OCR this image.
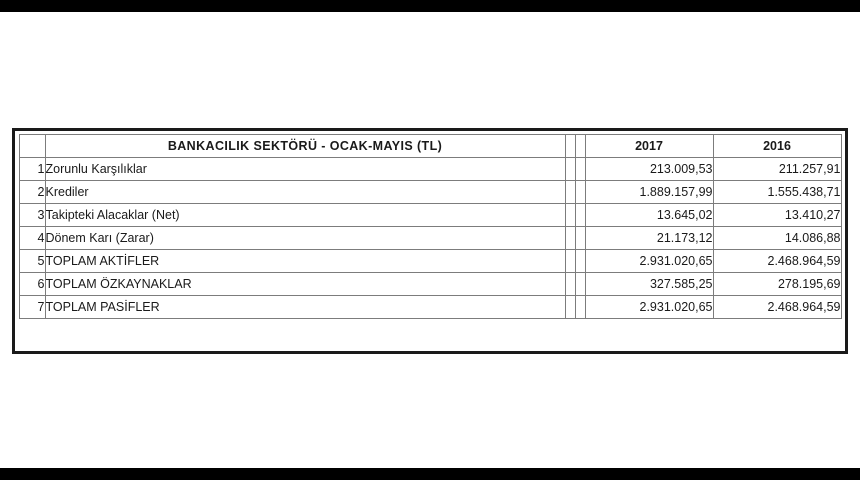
	BANKACILIK SEKTÖRÜ - OCAK-MAYIS (TL)			2017	2016
1	Zorunlu Karşılıklar			213.009,53	211.257,91
2	Krediler			1.889.157,99	1.555.438,71
3	Takipteki Alacaklar (Net)			13.645,02	13.410,27
4	Dönem Karı (Zarar)			21.173,12	14.086,88
5	TOPLAM AKTİFLER			2.931.020,65	2.468.964,59
6	TOPLAM ÖZKAYNAKLAR			327.585,25	278.195,69
7	TOPLAM PASİFLER			2.931.020,65	2.468.964,59
